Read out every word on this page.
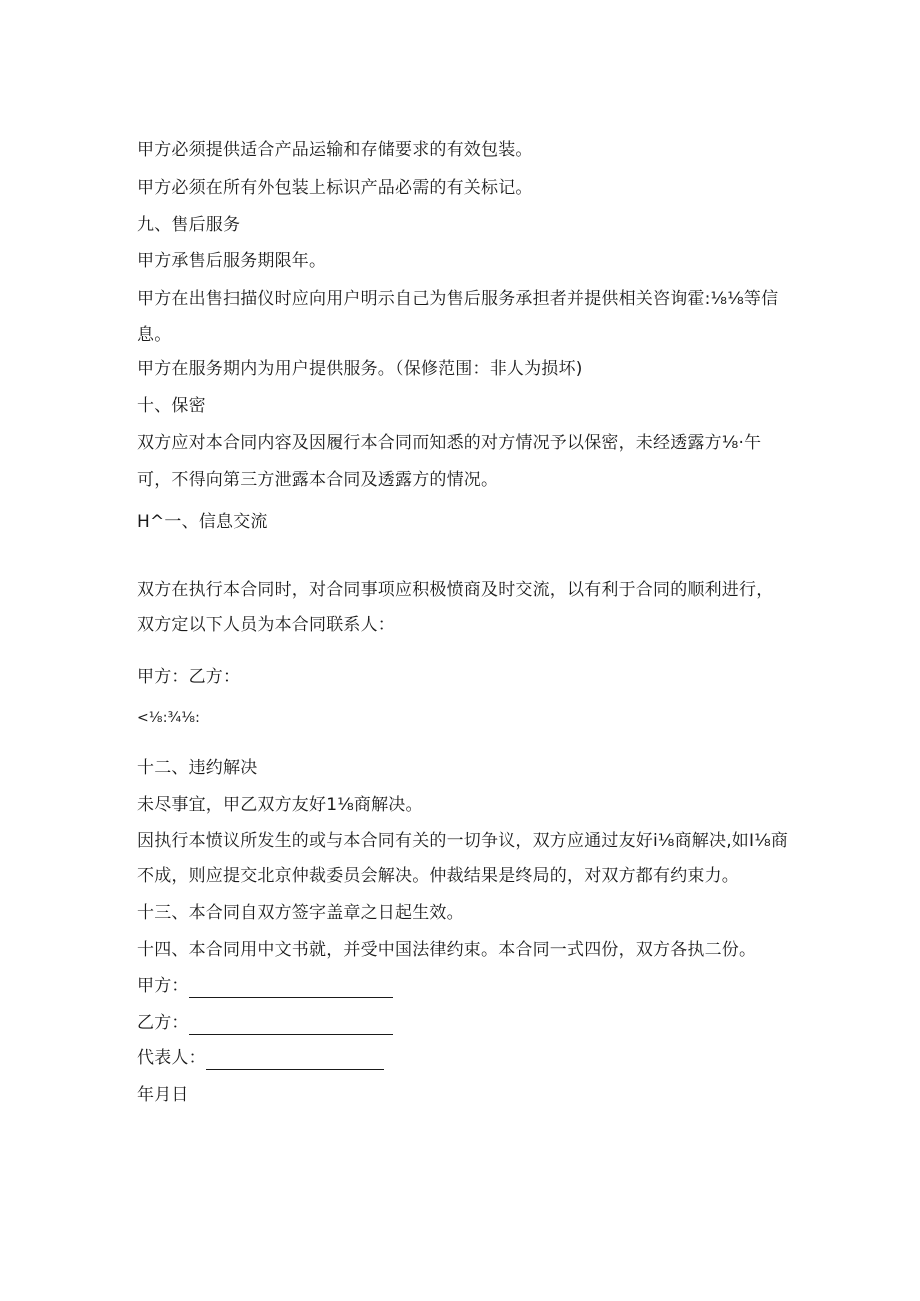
甲方必须提供适合产品运输和存储要求的有效包装。
甲方必须在所有外包装上标识产品必需的有关标记。
九、售后服务
甲方承售后服务期限年。
甲方在出售扫描仪时应向用户明示自己为售后服务承担者并提供相关咨询霍:⅛⅛等信
息。
甲方在服务期内为用户提供服务。（保修范围：非人为损坏)
十、保密
双方应对本合同内容及因履行本合同而知悉的对方情况予以保密，未经透露方⅛·午
可，不得向第三方泄露本合同及透露方的情况。
H^一、信息交流
双方在执行本合同时，对合同事项应积极愤商及时交流，以有利于合同的顺利进行，
双方定以下人员为本合同联系人：
甲方：乙方：
<⅛:¾⅛:
十二、违约解决
未尽事宜，甲乙双方友好1⅛商解决。
因执行本愤议所发生的或与本合同有关的一切争议，双方应通过友好i⅛商解决,如I⅛商
不成，则应提交北京仲裁委员会解决。仲裁结果是终局的，对双方都有约束力。
十三、本合同自双方签字盖章之日起生效。
十四、本合同用中文书就，并受中国法律约束。本合同一式四份，双方各执二份。
甲方：
乙方：
代表人：
年月日
